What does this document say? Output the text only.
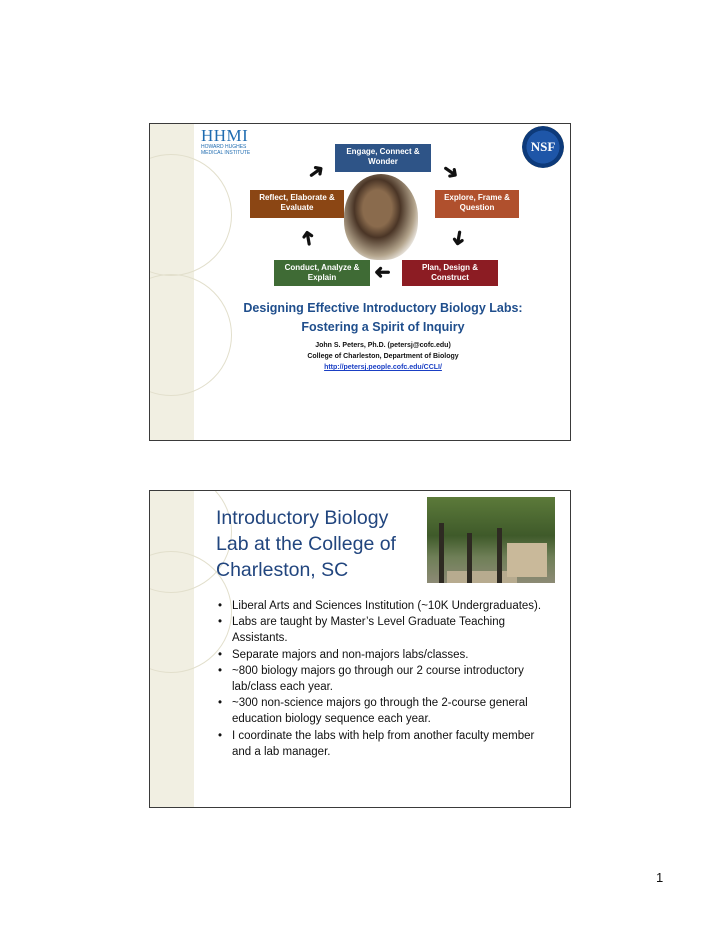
HHMI
HOWARD HUGHES MEDICAL INSTITUTE	NSF
Engage, Connect & Wonder
Explore, Frame & Question
Plan, Design & Construct
Conduct, Analyze & Explain
Reflect, Elaborate & Evaluate
➜
➜
➜
➜
➜
Designing Effective Introductory Biology Labs:
Fostering a Spirit of Inquiry
John S. Peters, Ph.D. (petersj@cofc.edu)
College of Charleston, Department of Biology
http://petersj.people.cofc.edu/CCLI/
Introductory Biology Lab at the College of Charleston, SC
• Liberal Arts and Sciences Institution (~10K Undergraduates).
• Labs are taught by Master’s Level Graduate Teaching Assistants.
• Separate majors and non-majors labs/classes.
• ~800 biology majors go through our 2 course introductory lab/class each year.
• ~300 non-science majors go through the 2-course general education biology sequence each year.
• I coordinate the labs with help from another faculty member and a lab manager.
1
